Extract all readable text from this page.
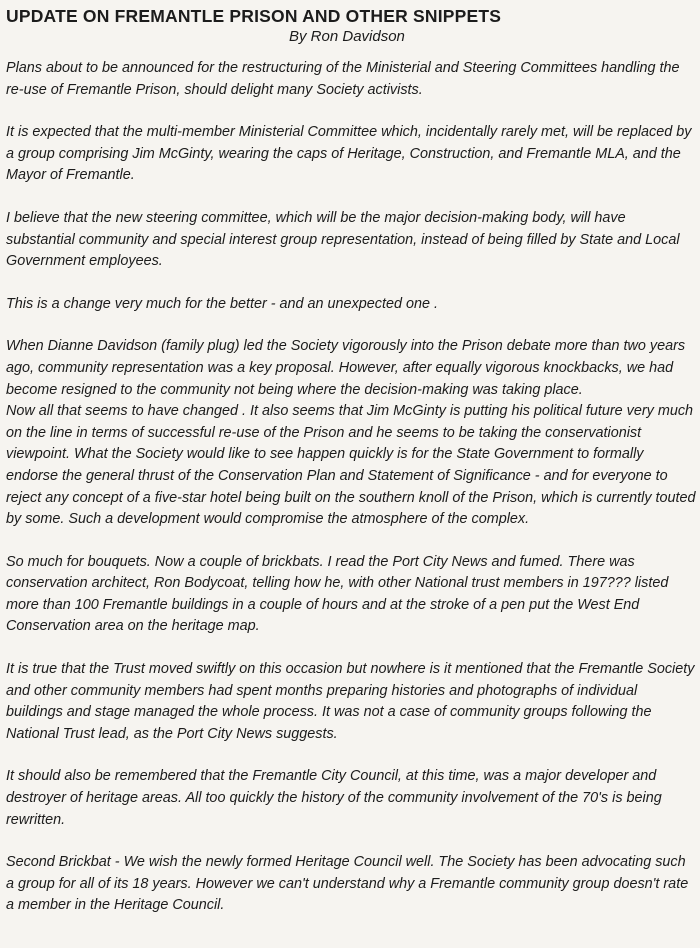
UPDATE ON FREMANTLE PRISON AND OTHER SNIPPETS
By Ron Davidson

Plans about to be announced for the restructuring of the Ministerial and Steering Committees handling the re-use of Fremantle Prison, should delight many Society activists.

It is expected that the multi-member Ministerial Committee which, incidentally rarely met, will be replaced by a group comprising Jim McGinty, wearing the caps of Heritage, Construction, and Fremantle MLA, and the Mayor of Fremantle.

I believe that the new steering committee, which will be the major decision-making body, will have substantial community and special interest group representation, instead of being filled by State and Local Government employees.

This is a change very much for the better - and an unexpected one .

When Dianne Davidson (family plug) led the Society vigorously into the Prison debate more than two years ago, community representation was a key proposal. However, after equally vigorous knockbacks, we had become resigned to the community not being where the decision-making was taking place.

Now all that seems to have changed . It also seems that Jim McGinty is putting his political future very much on the line in terms of successful re-use of the Prison and he seems to be taking the conservationist viewpoint. What the Society would like to see happen quickly is for the State Government to formally endorse the general thrust of the Conservation Plan and Statement of Significance - and for everyone to reject any concept of a five-star hotel being built on the southern knoll of the Prison, which is currently touted by some. Such a development would compromise the atmosphere of the complex.

So much for bouquets. Now a couple of brickbats. I read the Port City News and fumed. There was conservation architect, Ron Bodycoat, telling how he, with other National trust members in 197??? listed more than 100 Fremantle buildings in a couple of hours and at the stroke of a pen put the West End Conservation area on the heritage map.

It is true that the Trust moved swiftly on this occasion but nowhere is it mentioned that the Fremantle Society and other community members had spent months preparing histories and photographs of individual buildings and stage managed the whole process. It was not a case of community groups following the National Trust lead, as the Port City News suggests.

It should also be remembered that the Fremantle City Council, at this time, was a major developer and destroyer of heritage areas. All too quickly the history of the community involvement of the 70's is being rewritten.

Second Brickbat - We wish the newly formed Heritage Council well. The Society has been advocating such a group for all of its 18 years. However we can't understand why a Fremantle community group doesn't rate a member in the Heritage Council.
